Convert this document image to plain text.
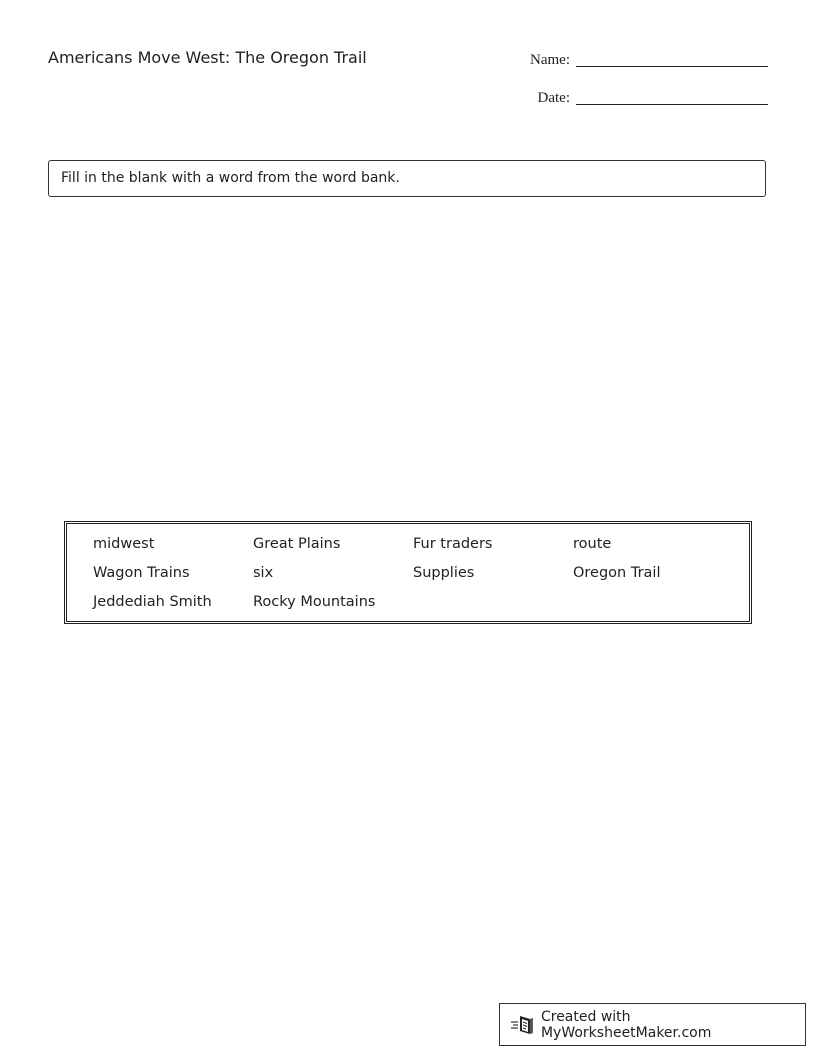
Americans Move West: The Oregon Trail	Name:
Date:
Fill in the blank with a word from the word bank.
midwest	Great Plains	Fur traders	route
Wagon Trains	six	Supplies	Oregon Trail
Jeddediah Smith	Rocky Mountains
Created with MyWorksheetMaker.com
